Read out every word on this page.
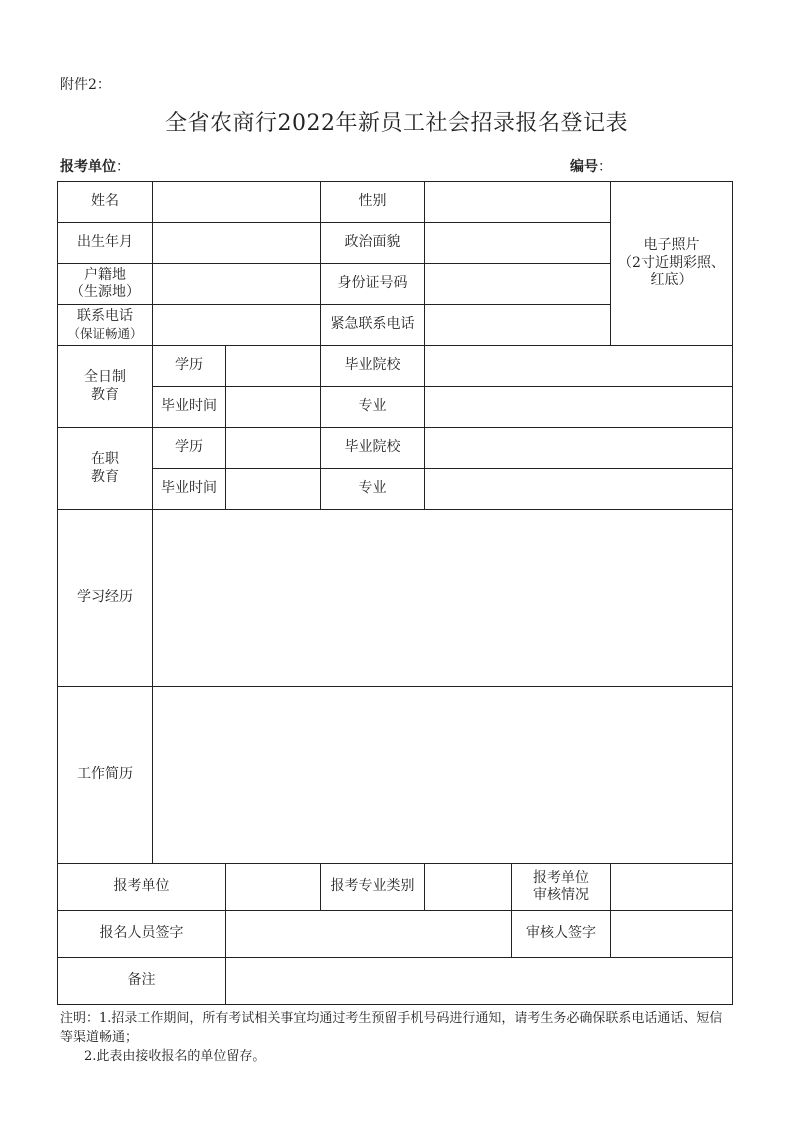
附件2：
全省农商行2022年新员工社会招录报名登记表
报考单位：	编号：
姓名			性别			电子照片
（2寸近期彩照、
红底）

出生年月			政治面貌			

户籍地
（生源地）			身份证号码			

联系电话
（保证畅通）			紧急联系电话			

全日制
教育	学历		毕业院校			
	毕业时间		专业			

在职
教育	学历		毕业院校			
	毕业时间		专业			
学习经历						
工作简历						
报考单位			报考专业类别		报考单位
审核情况	

报名人员签字					审核人签字	
备注						
注明：1.招录工作期间，所有考试相关事宜均通过考生预留手机号码进行通知，请考生务必确保联系电话通话、短信等渠道畅通；
2.此表由接收报名的单位留存。
